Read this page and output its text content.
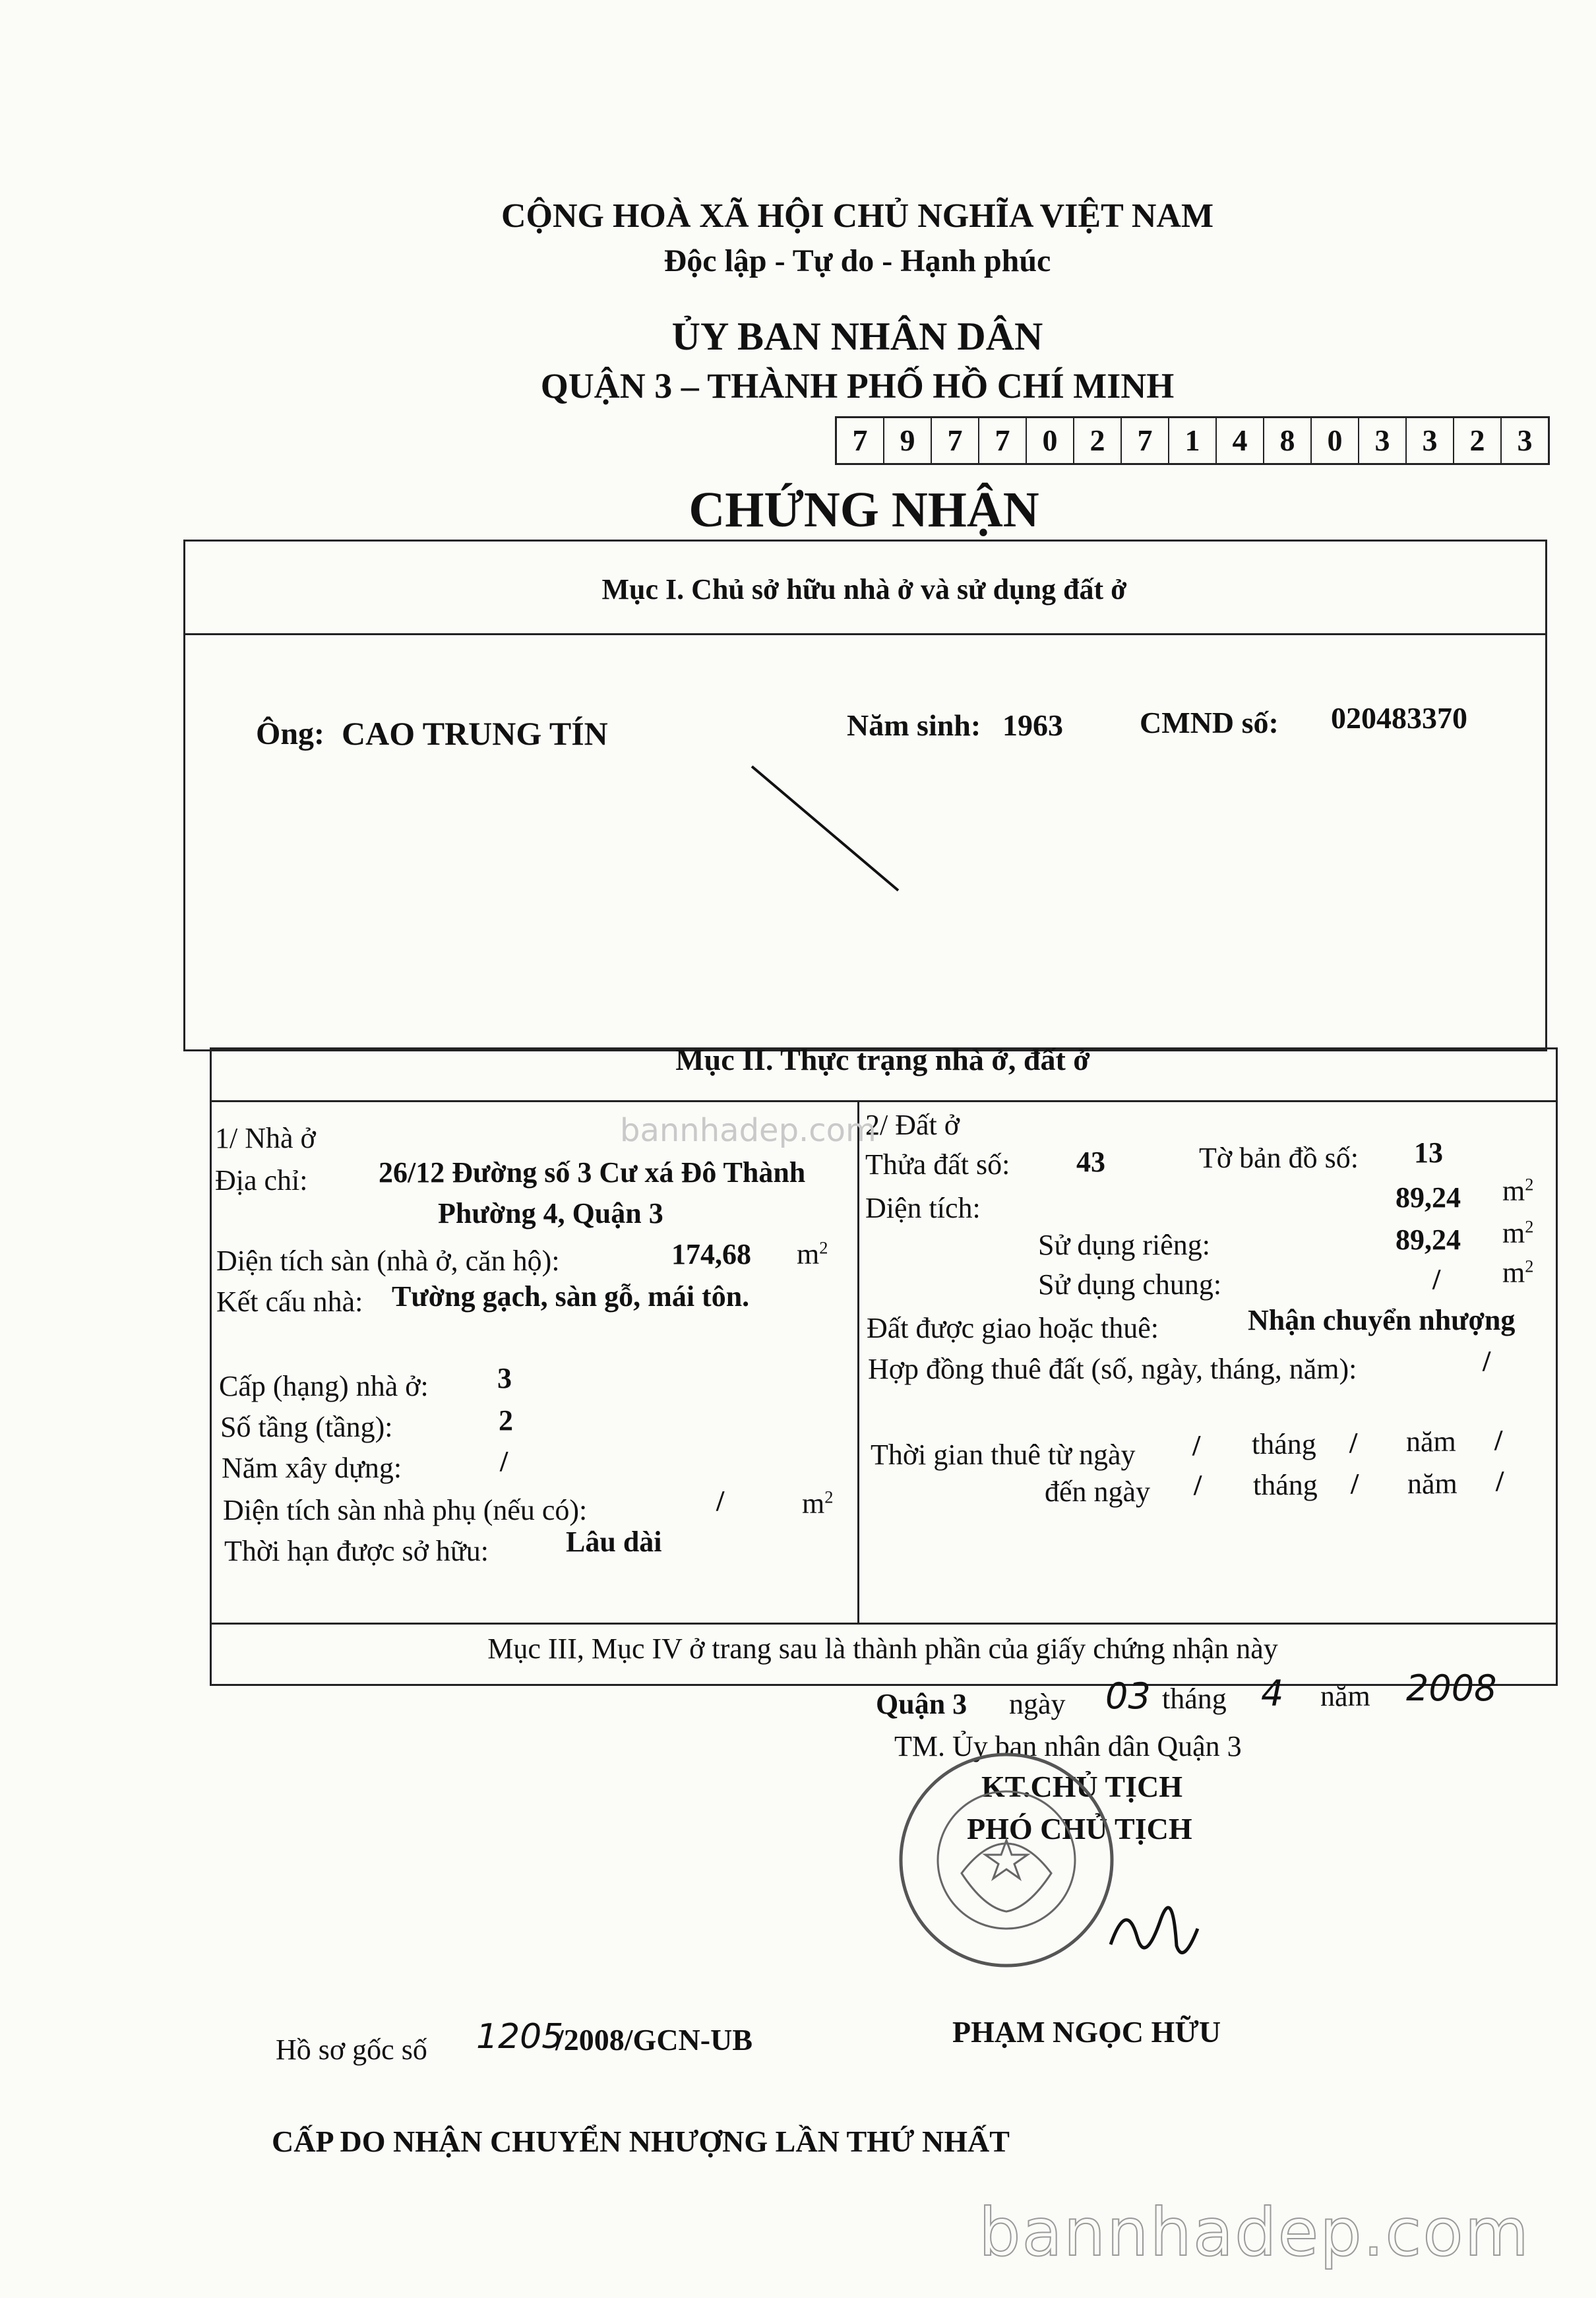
CỘNG HOÀ XÃ HỘI CHỦ NGHĨA VIỆT NAM
Độc lập - Tự do - Hạnh phúc
ỦY BAN NHÂN DÂN
QUẬN 3 – THÀNH PHỐ HỒ CHÍ MINH
7	9	7	7	0	2	7	1	4	8	0	3	3	2	3
CHỨNG NHẬN
Mục I. Chủ sở hữu nhà ở và sử dụng đất ở
Ông: CAO TRUNG TÍN	Năm sinh: 1963	CMND số: 020483370
Mục II. Thực trạng nhà ở, đất ở
1/ Nhà ở
Địa chỉ: 26/12 Đường số 3 Cư xá Đô Thành
Phường 4, Quận 3
Diện tích sàn (nhà ở, căn hộ):	174,68 $m^2$
Kết cấu nhà: Tường gạch, sàn gỗ, mái tôn.
Cấp (hạng) nhà ở: 3
Số tầng (tầng):	2
Năm xây dựng:	/
Diện tích sàn nhà phụ (nếu có):	/	$m^2$
Thời hạn được sở hữu:	Lâu dài
2/ Đất ở
Thửa đất số: 43	Tờ bản đồ số: 13
Diện tích:	89,24 $m^2$
Sử dụng riêng:	89,24 $m^2$
Sử dụng chung:	/ $m^2$
Đất được giao hoặc thuê:	Nhận chuyển nhượng
Hợp đồng thuê đất (số, ngày, tháng, năm):	/
Thời gian thuê từ ngày / tháng / năm /
đến ngày / tháng / năm /
Mục III, Mục IV ở trang sau là thành phần của giấy chứng nhận này
Quận 3 ngày 03 tháng 4 năm 2008
TM. Ủy ban nhân dân Quận 3
KT.CHỦ TỊCH
PHÓ CHỦ TỊCH
PHẠM NGỌC HỮU
Hồ sơ gốc số 1205
/2008/GCN-UB
CẤP DO NHẬN CHUYỂN NHƯỢNG LẦN THỨ NHẤT
bannhadep.com
bannhadep.com
